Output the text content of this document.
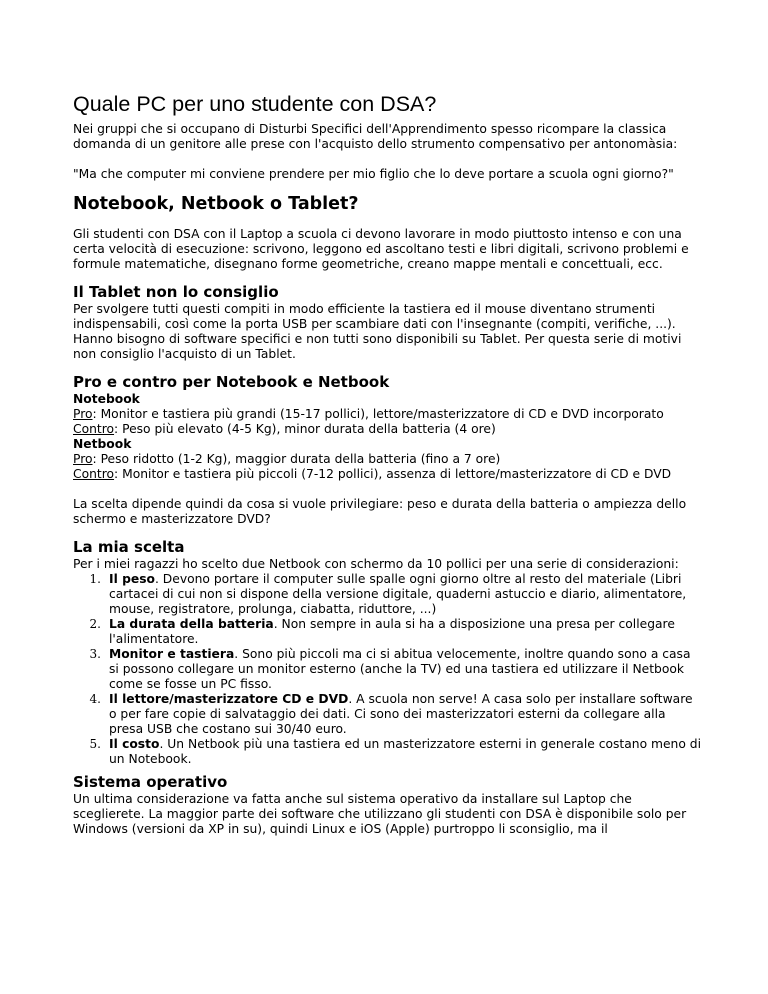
Quale PC per uno studente con DSA?

Nei gruppi che si occupano di Disturbi Specifici dell'Apprendimento spesso ricompare la classica domanda di un genitore alle prese con l'acquisto dello strumento compensativo per antonomàsia:

"Ma che computer mi conviene prendere per mio figlio che lo deve portare a scuola ogni giorno?"

Notebook, Netbook o Tablet?

Gli studenti con DSA con il Laptop a scuola ci devono lavorare in modo piuttosto intenso e con una certa velocità di esecuzione: scrivono, leggono ed ascoltano testi e libri digitali, scrivono problemi e formule matematiche, disegnano forme geometriche, creano mappe mentali e concettuali, ecc.

Il Tablet non lo consiglio

Per svolgere tutti questi compiti in modo efficiente la tastiera ed il mouse diventano strumenti indispensabili, così come la porta USB per scambiare dati con l'insegnante (compiti, verifiche, ...). Hanno bisogno di software specifici e non tutti sono disponibili su Tablet. Per questa serie di motivi non consiglio l'acquisto di un Tablet.

Pro e contro per Notebook e Netbook
Notebook
Pro: Monitor e tastiera più grandi (15-17 pollici), lettore/masterizzatore di CD e DVD incorporato
Contro: Peso più elevato (4-5 Kg), minor durata della batteria (4 ore)
Netbook
Pro: Peso ridotto (1-2 Kg), maggior durata della batteria (fino a 7 ore)
Contro: Monitor e tastiera più piccoli (7-12 pollici), assenza di lettore/masterizzatore di CD e DVD

La scelta dipende quindi da cosa si vuole privilegiare: peso e durata della batteria o ampiezza dello schermo e masterizzatore DVD?

La mia scelta

Per i miei ragazzi ho scelto due Netbook con schermo da 10 pollici per una serie di considerazioni:

1. Il peso. Devono portare il computer sulle spalle ogni giorno oltre al resto del materiale (Libri cartacei di cui non si dispone della versione digitale, quaderni astuccio e diario, alimentatore, mouse, registratore, prolunga, ciabatta, riduttore, ...)
2. La durata della batteria. Non sempre in aula si ha a disposizione una presa per collegare l'alimentatore.
3. Monitor e tastiera. Sono più piccoli ma ci si abitua velocemente, inoltre quando sono a casa si possono collegare un monitor esterno (anche la TV) ed una tastiera ed utilizzare il Netbook come se fosse un PC fisso.
4. Il lettore/masterizzatore CD e DVD. A scuola non serve! A casa solo per installare software o per fare copie di salvataggio dei dati. Ci sono dei masterizzatori esterni da collegare alla presa USB che costano sui 30/40 euro.
5. Il costo. Un Netbook più una tastiera ed un masterizzatore esterni in generale costano meno di un Notebook.
Sistema operativo

Un ultima considerazione va fatta anche sul sistema operativo da installare sul Laptop che sceglierete. La maggior parte dei software che utilizzano gli studenti con DSA è disponibile solo per Windows (versioni da XP in su), quindi Linux e iOS (Apple) purtroppo li sconsiglio, ma il
